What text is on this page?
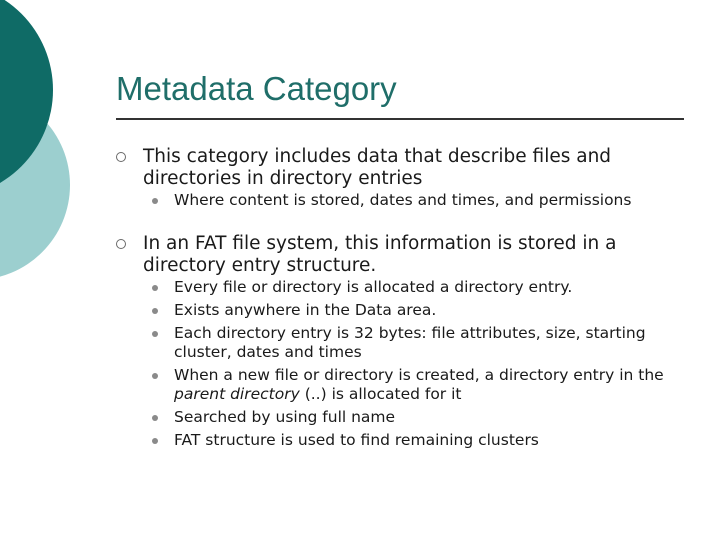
Metadata Category
This category includes data that describe files and directories in directory entries
Where content is stored, dates and times, and permissions
In an FAT file system, this information is stored in a directory entry structure.
Every file or directory is allocated a directory entry.
Exists anywhere in the Data area.
Each directory entry is 32 bytes: file attributes, size, starting cluster, dates and times
When a new file or directory is created, a directory entry in the parent directory (..) is allocated for it
Searched by using full name
FAT structure is used to find remaining clusters
